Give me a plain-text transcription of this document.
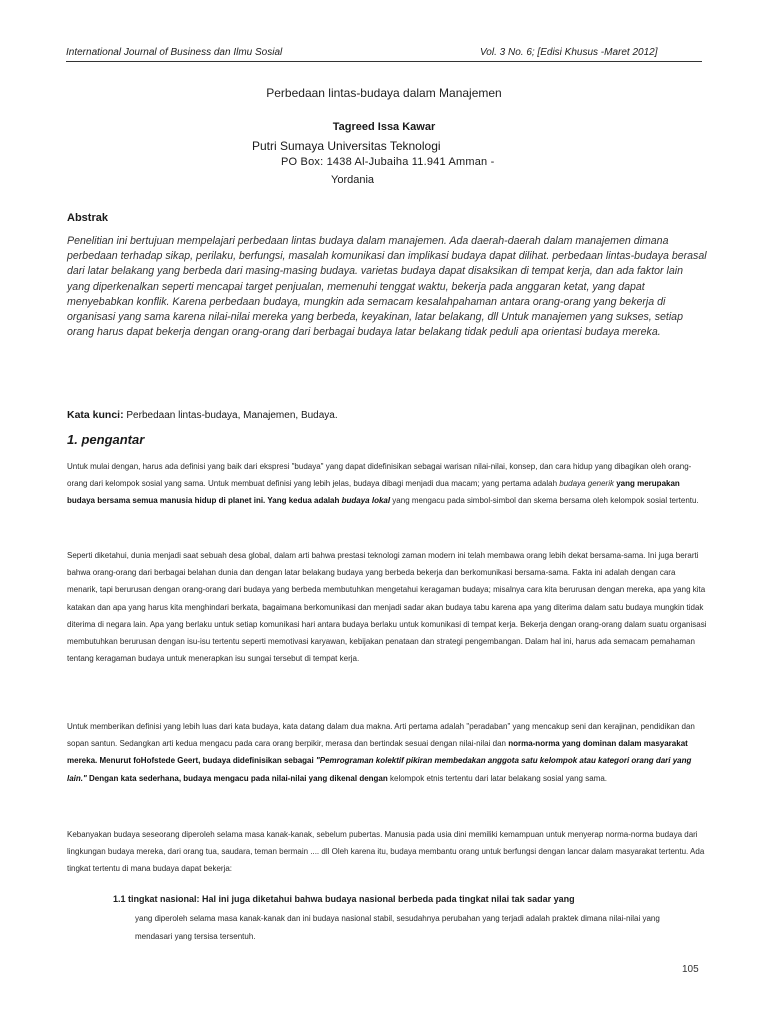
International Journal of Business dan Ilmu Sosial	Vol. 3 No. 6; [Edisi Khusus -Maret 2012]
Perbedaan lintas-budaya dalam Manajemen
Tagreed Issa Kawar
Putri Sumaya Universitas Teknologi
PO Box: 1438 Al-Jubaiha 11.941 Amman -
Yordania
Abstrak
Penelitian ini bertujuan mempelajari perbedaan lintas budaya dalam manajemen. Ada daerah-daerah dalam manajemen dimana perbedaan terhadap sikap, perilaku, berfungsi, masalah komunikasi dan implikasi budaya dapat dilihat. perbedaan lintas-budaya berasal dari latar belakang yang berbeda dari masing-masing budaya. varietas budaya dapat disaksikan di tempat kerja, dan ada faktor lain yang diperkenalkan seperti mencapai target penjualan, memenuhi tenggat waktu, bekerja pada anggaran ketat, yang dapat menyebabkan konflik. Karena perbedaan budaya, mungkin ada semacam kesalahpahaman antara orang-orang yang bekerja di organisasi yang sama karena nilai-nilai mereka yang berbeda, keyakinan, latar belakang, dll Untuk manajemen yang sukses, setiap orang harus dapat bekerja dengan orang-orang dari berbagai budaya latar belakang tidak peduli apa orientasi budaya mereka.
Kata kunci: Perbedaan lintas-budaya, Manajemen, Budaya.
1. pengantar
Untuk mulai dengan, harus ada definisi yang baik dari ekspresi "budaya" yang dapat didefinisikan sebagai warisan nilai-nilai, konsep, dan cara hidup yang dibagikan oleh orang-orang dari kelompok sosial yang sama. Untuk membuat definisi yang lebih jelas, budaya dibagi menjadi dua macam; yang pertama adalah budaya generik yang merupakan budaya bersama semua manusia hidup di planet ini. Yang kedua adalah budaya lokal yang mengacu pada simbol-simbol dan skema bersama oleh kelompok sosial tertentu.
Seperti diketahui, dunia menjadi saat sebuah desa global, dalam arti bahwa prestasi teknologi zaman modern ini telah membawa orang lebih dekat bersama-sama. Ini juga berarti bahwa orang-orang dari berbagai belahan dunia dan dengan latar belakang budaya yang berbeda bekerja dan berkomunikasi bersama-sama. Fakta ini adalah dengan cara menarik, tapi berurusan dengan orang-orang dari budaya yang berbeda membutuhkan mengetahui keragaman budaya; misalnya cara kita berurusan dengan mereka, apa yang kita katakan dan apa yang harus kita menghindari berkata, bagaimana berkomunikasi dan menjadi sadar akan budaya tabu karena apa yang diterima dalam satu budaya mungkin tidak diterima di negara lain. Apa yang berlaku untuk setiap komunikasi hari antara budaya berlaku untuk komunikasi di tempat kerja. Bekerja dengan orang-orang dalam suatu organisasi membutuhkan berurusan dengan isu-isu tertentu seperti memotivasi karyawan, kebijakan penataan dan strategi pengembangan. Dalam hal ini, harus ada semacam pemahaman tentang keragaman budaya untuk menerapkan isu sungai tersebut di tempat kerja.
Untuk memberikan definisi yang lebih luas dari kata budaya, kata datang dalam dua makna. Arti pertama adalah "peradaban" yang mencakup seni dan kerajinan, pendidikan dan sopan santun. Sedangkan arti kedua mengacu pada cara orang berpikir, merasa dan bertindak sesuai dengan nilai-nilai dan norma-norma yang dominan dalam masyarakat mereka. Menurut foHofstede Geert, budaya didefinisikan sebagai "Pemrograman kolektif pikiran membedakan anggota satu kelompok atau kategori orang dari yang lain." Dengan kata sederhana, budaya mengacu pada nilai-nilai yang dikenal dengan kelompok etnis tertentu dari latar belakang sosial yang sama.
Kebanyakan budaya seseorang diperoleh selama masa kanak-kanak, sebelum pubertas. Manusia pada usia dini memiliki kemampuan untuk menyerap norma-norma budaya dari lingkungan budaya mereka, dari orang tua, saudara, teman bermain .... dll Oleh karena itu, budaya membantu orang untuk berfungsi dengan lancar dalam masyarakat tertentu. Ada tingkat tertentu di mana budaya dapat bekerja:
1.1 tingkat nasional: Hal ini juga diketahui bahwa budaya nasional berbeda pada tingkat nilai tak sadar yang
yang diperoleh selama masa kanak-kanak dan ini budaya nasional stabil, sesudahnya perubahan yang terjadi adalah praktek dimana nilai-nilai yang mendasari yang tersisa tersentuh.
105
